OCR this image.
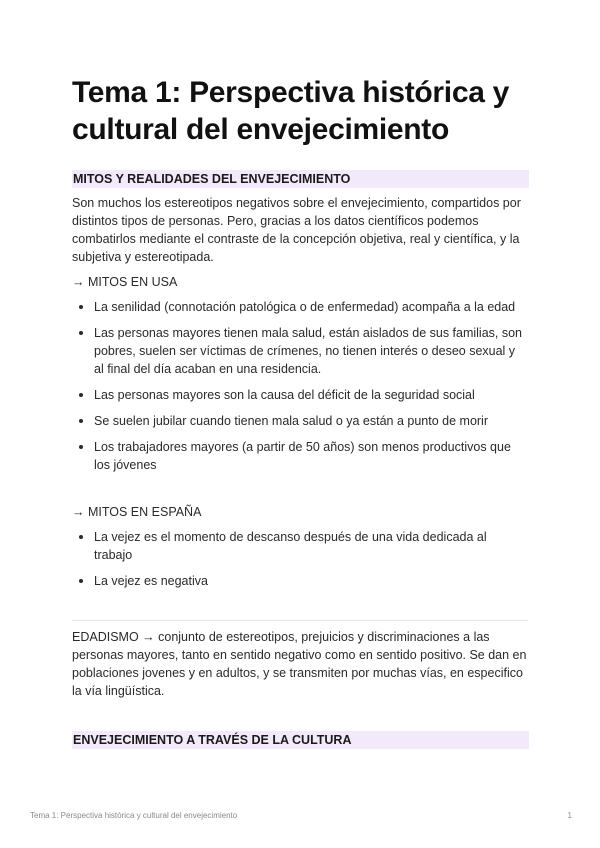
Tema 1: Perspectiva histórica y cultural del envejecimiento
MITOS Y REALIDADES DEL ENVEJECIMIENTO

Son muchos los estereotipos negativos sobre el envejecimiento, compartidos por distintos tipos de personas. Pero, gracias a los datos científicos podemos combatirlos mediante el contraste de la concepción objetiva, real y científica, y la subjetiva y estereotipada.

→ MITOS EN USA
La senilidad (connotación patológica o de enfermedad) acompaña a la edad
Las personas mayores tienen mala salud, están aislados de sus familias, son pobres, suelen ser víctimas de crímenes, no tienen interés o deseo sexual y al final del día acaban en una residencia.
Las personas mayores son la causa del déficit de la seguridad social
Se suelen jubilar cuando tienen mala salud o ya están a punto de morir
Los trabajadores mayores (a partir de 50 años) son menos productivos que los jóvenes
→ MITOS EN ESPAÑA
La vejez es el momento de descanso después de una vida dedicada al trabajo
La vejez es negativa

EDADISMO → conjunto de estereotipos, prejuicios y discriminaciones a las personas mayores, tanto en sentido negativo como en sentido positivo. Se dan en poblaciones jovenes y en adultos, y se transmiten por muchas vías, en especifico la vía lingüística.

ENVEJECIMIENTO A TRAVÉS DE LA CULTURA
Tema 1: Perspectiva histórica y cultural del envejecimiento	1
